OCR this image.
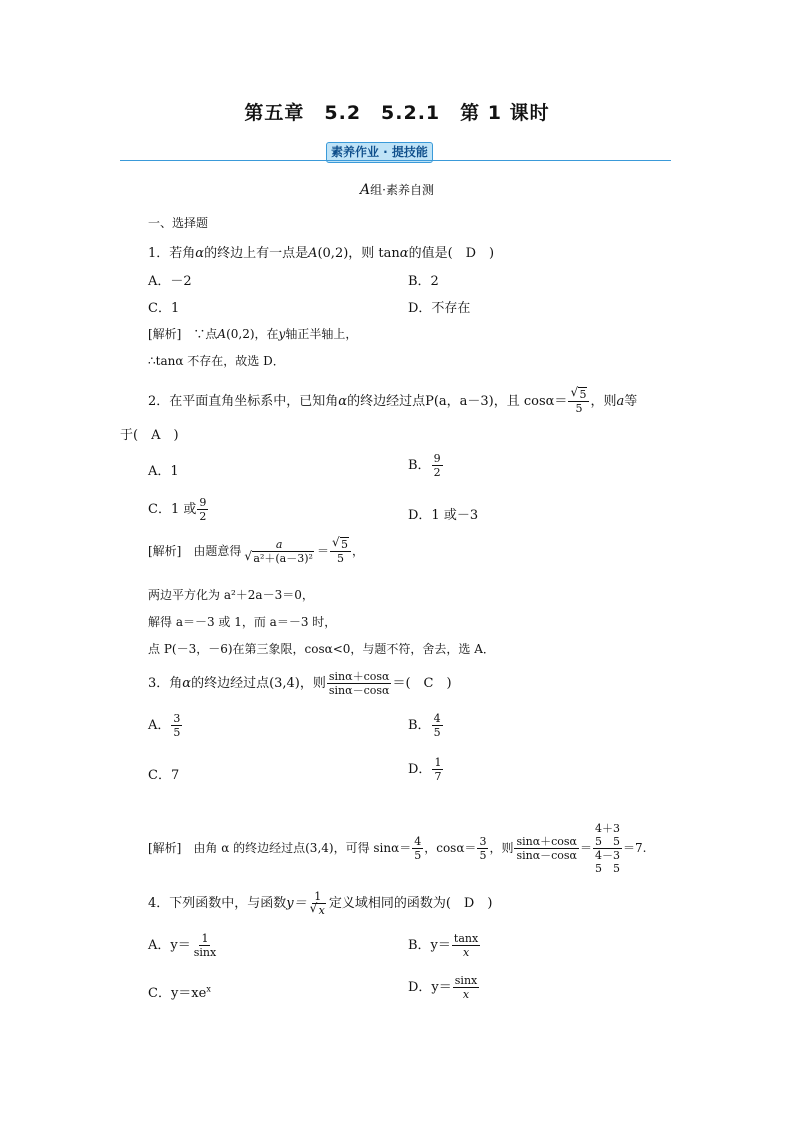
第五章　5.2　5.2.1　第 1 课时
素养作业 · 提技能
A组·素养自测
一、选择题
1．若角α的终边上有一点是A(0,2)，则 tanα的值是(　D　)
A．－2	B．2
C．1	D．不存在
[解析]　 ∵点A(0,2)，在y轴正半轴上，
∴tanα 不存在，故选 D．
2．在平面直角坐标系中，已知角α的终边经过点P(a，a－3)，且 cosα＝ √ $\frac{5}{5}$ ，则a等
于(　A　)
A．1	B． $\frac{9}{2}$
C．1 或 $\frac{9}{2}$	D．1 或－3
[解析]　 由题意得 a
√ a²＋(a－3)² ＝ √ $\frac{5}{5}$ ，
两边平方化为 a²＋2a－3＝0，
解得 a＝－3 或 1，而 a＝－3 时，
点 P(－3，－6)在第三象限，cosα<0，与题不符，舍去，选 A．
3．角α的终边经过点(3,4)，则 $\frac{\sin\alpha+\cos\alpha}{\sin\alpha-\cos\alpha}$ ＝(　C　)
A． $\frac{3}{5}$	B． $\frac{4}{5}$
C．7	D． $\frac{1}{7}$
[解析]　 由角 α 的终边经过点(3,4)，可得 $\sin\alpha= \frac{4}{5}$ ，$\cos\alpha= \frac{3}{5}$ ，则 $\frac{\sin\alpha+\cos\alpha}{\sin\alpha-\cos\alpha} = 4+3$
5　5
4－3
5　5 ＝7.
4．下列函数中，与函数y＝ 1
√ x 定义域相同的函数为(　D　)
A．$y= \frac{1}{\sin x}$	B．$y= \frac{\tan x}{x}$
C．$y=xe^x$	D．$y= \frac{\sin x}{x}$
